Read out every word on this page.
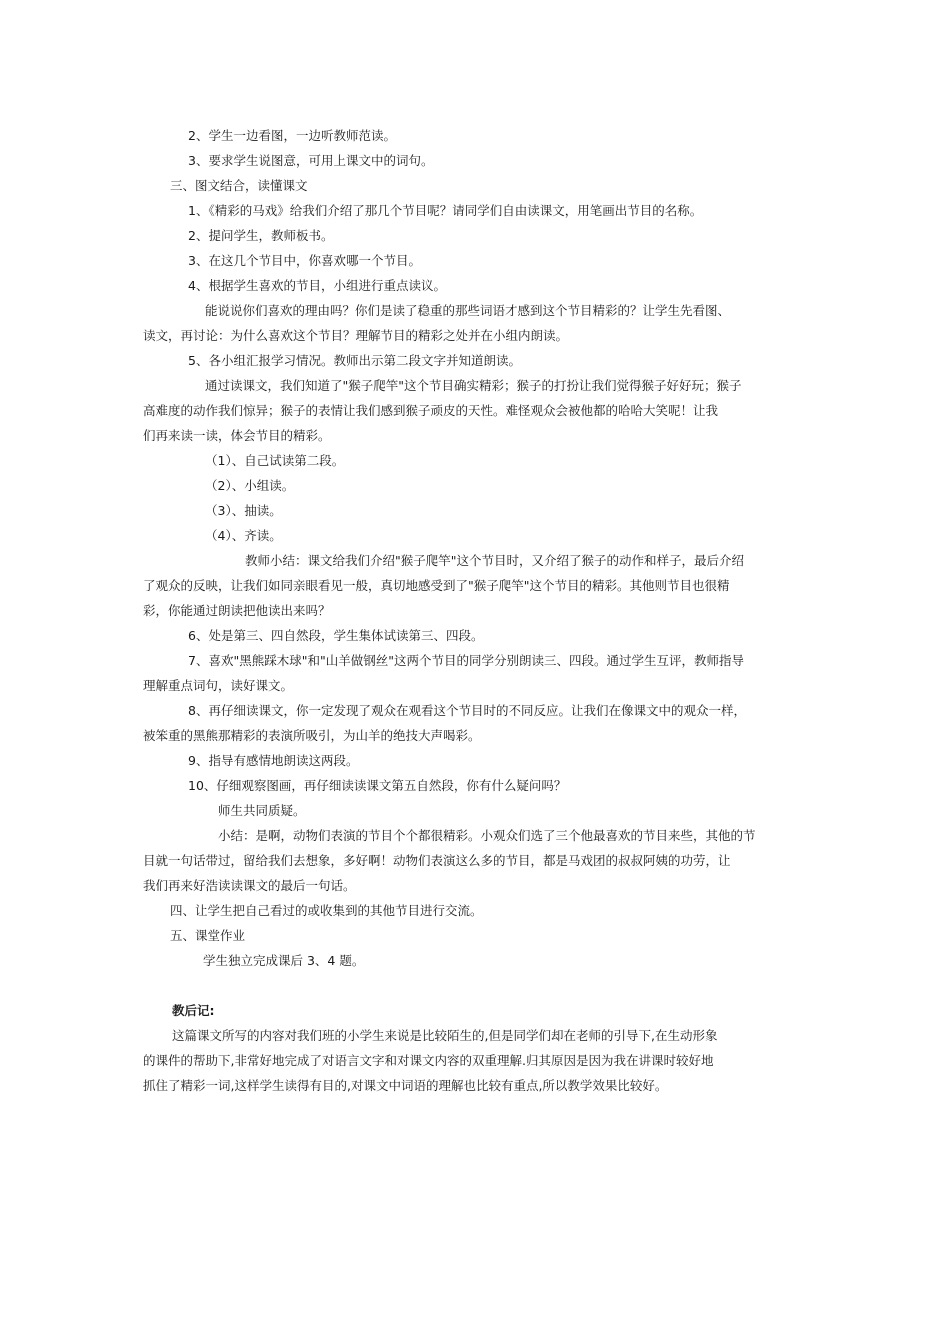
2、学生一边看图，一边听教师范读。

3、要求学生说图意，可用上课文中的词句。

三、图文结合，读懂课文

1、《精彩的马戏》给我们介绍了那几个节目呢？请同学们自由读课文，用笔画出节目的名称。

2、提问学生，教师板书。

3、在这几个节目中，你喜欢哪一个节目。

4、根据学生喜欢的节目，小组进行重点读议。

能说说你们喜欢的理由吗？你们是读了稳重的那些词语才感到这个节目精彩的？让学生先看图、

读文，再讨论：为什么喜欢这个节目？理解节目的精彩之处并在小组内朗读。

5、各小组汇报学习情况。教师出示第二段文字并知道朗读。

通过读课文，我们知道了"猴子爬竿"这个节目确实精彩；猴子的打扮让我们觉得猴子好好玩；猴子

高难度的动作我们惊异；猴子的表情让我们感到猴子顽皮的天性。难怪观众会被他都的哈哈大笑呢！让我

们再来读一读，体会节目的精彩。

（1）、自己试读第二段。

（2）、小组读。

（3）、抽读。

（4）、齐读。

教师小结：课文给我们介绍"猴子爬竿"这个节目时，又介绍了猴子的动作和样子，最后介绍

了观众的反映，让我们如同亲眼看见一般，真切地感受到了"猴子爬竿"这个节目的精彩。其他则节目也很精

彩，你能通过朗读把他读出来吗？

6、处是第三、四自然段，学生集体试读第三、四段。

7、喜欢"黑熊踩木球"和"山羊做钢丝"这两个节目的同学分别朗读三、四段。通过学生互评，教师指导

理解重点词句，读好课文。

8、再仔细读课文，你一定发现了观众在观看这个节目时的不同反应。让我们在像课文中的观众一样，

被笨重的黑熊那精彩的表演所吸引，为山羊的绝技大声喝彩。

9、指导有感情地朗读这两段。

10、仔细观察图画，再仔细读读课文第五自然段，你有什么疑问吗？

师生共同质疑。

小结：是啊，动物们表演的节目个个都很精彩。小观众们选了三个他最喜欢的节目来些，其他的节

目就一句话带过，留给我们去想象，多好啊！动物们表演这么多的节目，都是马戏团的叔叔阿姨的功劳，让

我们再来好浩读读课文的最后一句话。

四、让学生把自己看过的或收集到的其他节目进行交流。

五、课堂作业

学生独立完成课后 3、4 题。

教后记:

这篇课文所写的内容对我们班的小学生来说是比较陌生的,但是同学们却在老师的引导下,在生动形象

的课件的帮助下,非常好地完成了对语言文字和对课文内容的双重理解.归其原因是因为我在讲课时较好地

抓住了精彩一词,这样学生读得有目的,对课文中词语的理解也比较有重点,所以教学效果比较好。
